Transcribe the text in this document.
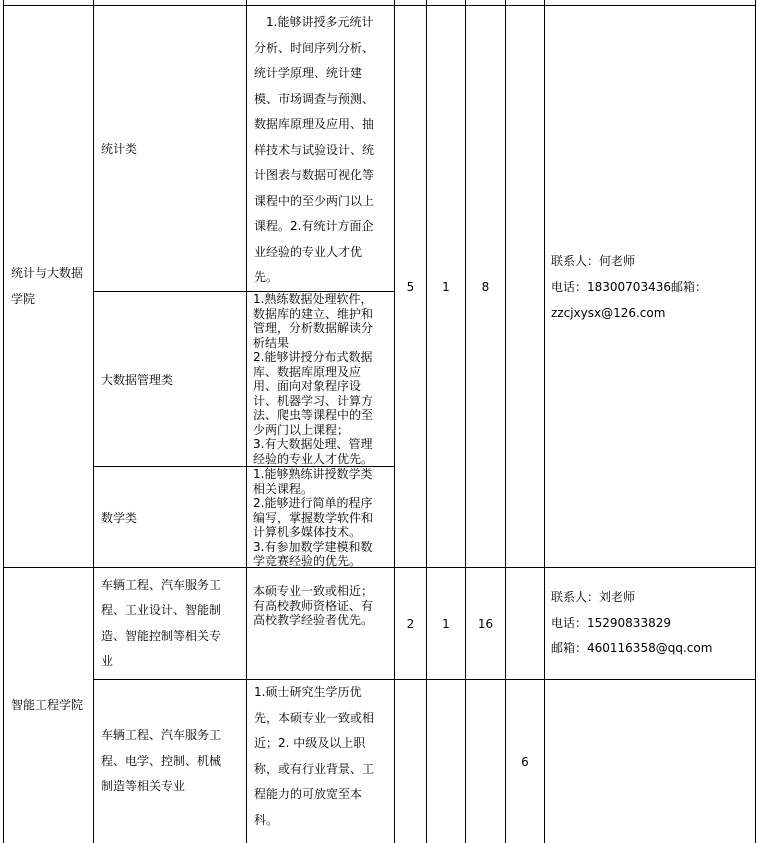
统计与大数据学院
统计类
　1.能够讲授多元统计
分析、时间序列分析、
统计学原理、统计建
模、市场调查与预测、
数据库原理及应用、抽
样技术与试验设计、统
计图表与数据可视化等
课程中的至少两门以上
课程。2.有统计方面企
业经验的专业人才优
先。
大数据管理类
1.熟练数据处理软件，
数据库的建立、维护和
管理，分析数据解读分
析结果
2.能够讲授分布式数据
库、数据库原理及应
用、面向对象程序设
计、机器学习、计算方
法、爬虫等课程中的至
少两门以上课程；
3.有大数据处理、管理
经验的专业人才优先。
数学类
1.能够熟练讲授数学类
相关课程。
2.能够进行简单的程序
编写，掌握数学软件和
计算机多媒体技术。
3.有参加数学建模和数
学竞赛经验的优先。
5 1	8
联系人：何老师
电话：18300703436邮箱：
zzcjxysx@126.com
智能工程学院
车辆工程、汽车服务工
程、工业设计、智能制
造、智能控制等相关专
业
本硕专业一致或相近；
有高校教师资格证、有
高校教学经验者优先。	2 1 16
联系人：刘老师
电话：15290833829
邮箱：460116358@qq.com
车辆工程、汽车服务工
程、电学、控制、机械
制造等相关专业
1.硕士研究生学历优
先，本硕专业一致或相
近；2. 中级及以上职
称，或有行业背景、工
程能力的可放宽至本
科。
6
